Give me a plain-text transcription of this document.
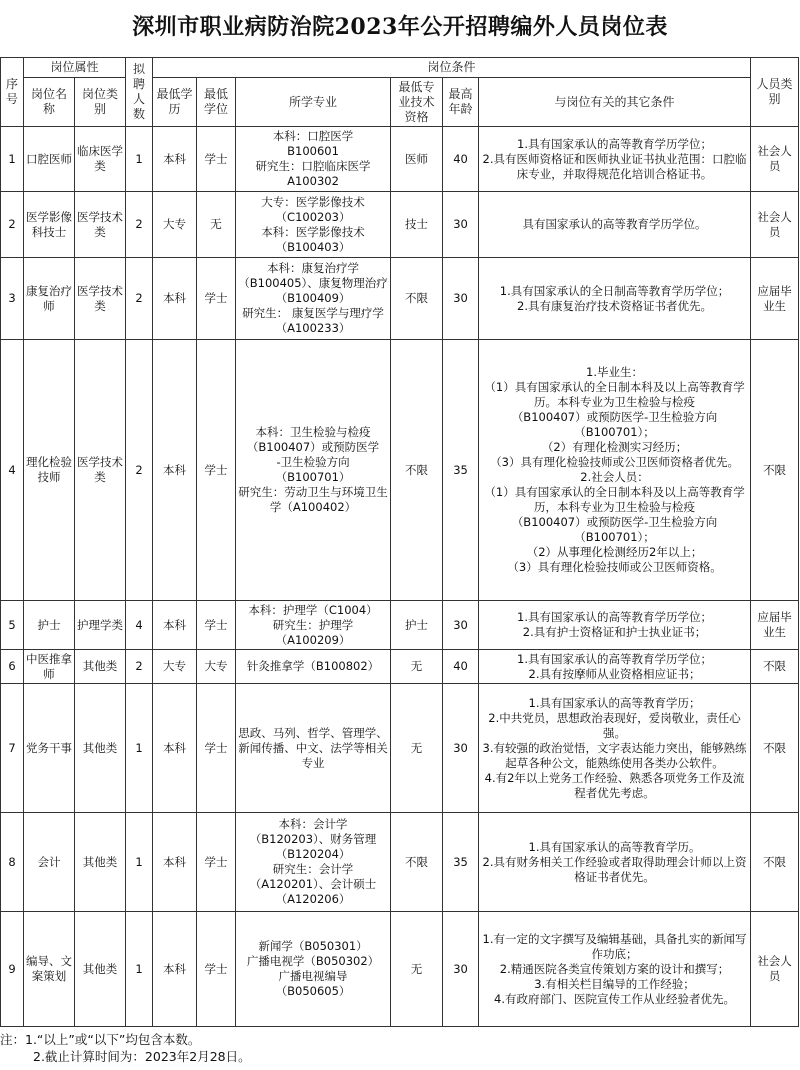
深圳市职业病防治院2023年公开招聘编外人员岗位表
序号	岗位属性		拟聘人数	岗位条件						人员类别
	岗位名称	岗位类别		最低学历	最低学位	所学专业	最低专业技术资格	最高年龄	与岗位有关的其它条件	
1	口腔医师	临床医学类	1	本科	学士	本科：口腔医学
B100601
研究生：口腔临床医学
A100302	医师	40	1.具有国家承认的高等教育学历学位；
2.具有医师资格证和医师执业证书执业范围：口腔临床专业，并取得规范化培训合格证书。	社会人员
2	医学影像科技士	医学技术类	2	大专	无	大专：医学影像技术
（C100203）
本科：医学影像技术
（B100403）	技士	30	具有国家承认的高等教育学历学位。	社会人员
3	康复治疗师	医学技术类	2	本科	学士	本科：康复治疗学
（B100405）、康复物理治疗（B100409）
研究生： 康复医学与理疗学（A100233）	不限	30	1.具有国家承认的全日制高等教育学历学位；
2.具有康复治疗技术资格证书者优先。	应届毕业生
4	理化检验技师	医学技术类	2	本科	学士	
本科：卫生检验与检疫
（B100407）或预防医学
-卫生检验方向
（B100701）
研究生：劳动卫生与环境卫生学（A100402）
	不限	35	
1.毕业生：
（1）具有国家承认的全日制本科及以上高等教育学历。本科专业为卫生检验与检疫
（B100407）或预防医学-卫生检验方向
（B100701）；
（2）有理化检测实习经历；
（3）具有理化检验技师或公卫医师资格者优先。
2.社会人员：
（1）具有国家承认的全日制本科及以上高等教育学历，本科专业为卫生检验与检疫
（B100407）或预防医学-卫生检验方向
（B100701）；
（2）从事理化检测经历2年以上；
（3）具有理化检验技师或公卫医师资格。
	不限
5	护士	护理学类	4	本科	学士	本科：护理学（C1004）
研究生：护理学
（A100209）	护士	30	1.具有国家承认的高等教育学历学位；
2.具有护士资格证和护士执业证书；	应届毕业生
6	中医推拿师	其他类	2	大专	大专	针灸推拿学（B100802）	无	40	1.具有国家承认的高等教育学历学位；
2.具有按摩师从业资格相应证书；	不限
7	党务干事	其他类	1	本科	学士	思政、马列、哲学、管理学、新闻传播、中文、法学等相关专业	无	30	1.具有国家承认的高等教育学历；
2.中共党员，思想政治表现好，爱岗敬业，责任心强。
3.有较强的政治觉悟，文字表达能力突出，能够熟练起草各种公文，能熟练使用各类办公软件。
4.有2年以上党务工作经验、熟悉各项党务工作及流程者优先考虑。	不限
8	会计	其他类	1	本科	学士	
本科：会计学
（B120203）、财务管理
（B120204）
研究生：会计学
（A120201）、会计硕士
（A120206）
	不限	35	
1.具有国家承认的高等教育学历。
2.具有财务相关工作经验或者取得助理会计师以上资格证书者优先。
	不限
9	编导、文案策划	其他类	1	本科	学士	新闻学（B050301）
广播电视学（B050302）
广播电视编导
（B050605）	无	30	1.有一定的文字撰写及编辑基础，具备扎实的新闻写作功底；
2.精通医院各类宣传策划方案的设计和撰写；
3.有相关栏目编导的工作经验；
4.有政府部门、医院宣传工作从业经验者优先。	社会人员
注：1.“以上”或“以下”均包含本数。
2.截止计算时间为：2023年2月28日。
